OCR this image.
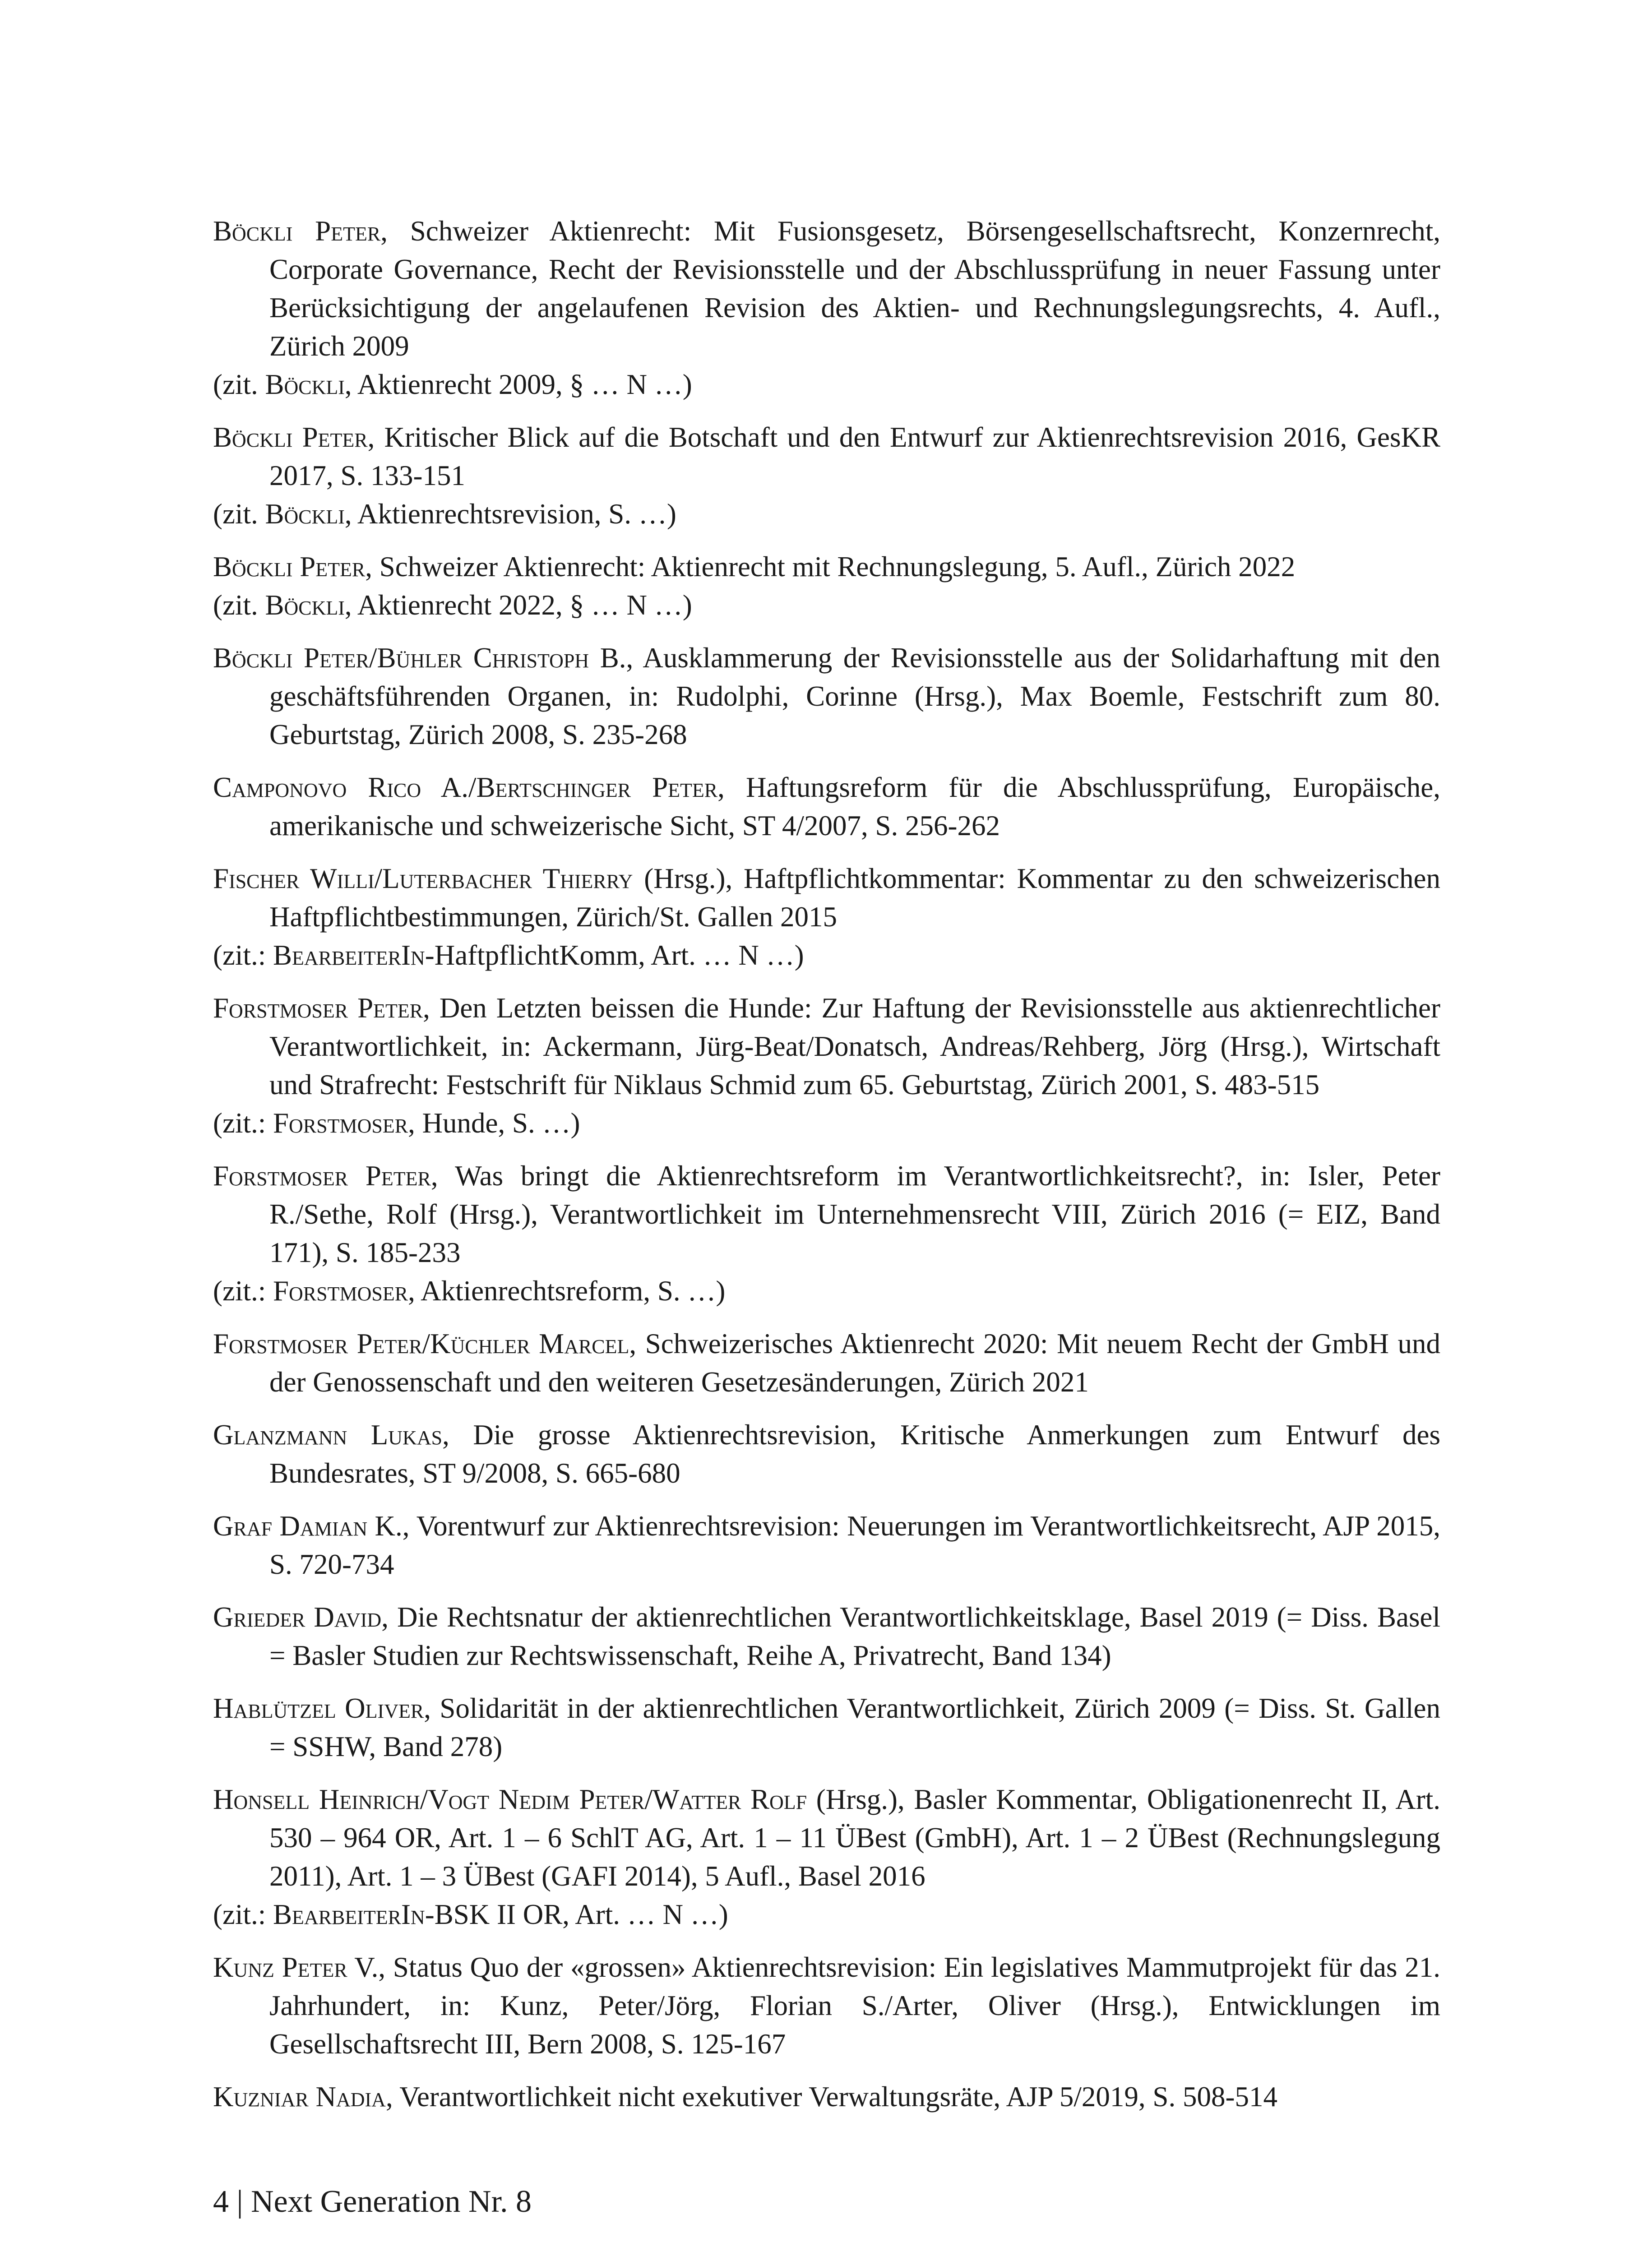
Böckli Peter, Schweizer Aktienrecht: Mit Fusionsgesetz, Börsengesellschaftsrecht, Konzernrecht, Corporate Governance, Recht der Revisionsstelle und der Abschlussprüfung in neuer Fassung unter Berücksichtigung der angelaufenen Revision des Aktien- und Rechnungslegungsrechts, 4. Aufl., Zürich 2009
(zit. Böckli, Aktienrecht 2009, § … N …)
Böckli Peter, Kritischer Blick auf die Botschaft und den Entwurf zur Aktienrechtsrevision 2016, GesKR 2017, S. 133-151
(zit. Böckli, Aktienrechtsrevision, S. …)
Böckli Peter, Schweizer Aktienrecht: Aktienrecht mit Rechnungslegung, 5. Aufl., Zürich 2022
(zit. Böckli, Aktienrecht 2022, § … N …)
Böckli Peter/Bühler Christoph B., Ausklammerung der Revisionsstelle aus der Solidarhaftung mit den geschäftsführenden Organen, in: Rudolphi, Corinne (Hrsg.), Max Boemle, Festschrift zum 80. Geburtstag, Zürich 2008, S. 235-268
Camponovo Rico A./Bertschinger Peter, Haftungsreform für die Abschlussprüfung, Europäische, amerikanische und schweizerische Sicht, ST 4/2007, S. 256-262
Fischer Willi/Luterbacher Thierry (Hrsg.), Haftpflichtkommentar: Kommentar zu den schweizerischen Haftpflichtbestimmungen, Zürich/St. Gallen 2015
(zit.: BearbeiterIn-HaftpflichtKomm, Art. … N …)
Forstmoser Peter, Den Letzten beissen die Hunde: Zur Haftung der Revisionsstelle aus aktienrechtlicher Verantwortlichkeit, in: Ackermann, Jürg-Beat/Donatsch, Andreas/Rehberg, Jörg (Hrsg.), Wirtschaft und Strafrecht: Festschrift für Niklaus Schmid zum 65. Geburtstag, Zürich 2001, S. 483-515
(zit.: Forstmoser, Hunde, S. …)
Forstmoser Peter, Was bringt die Aktienrechtsreform im Verantwortlichkeitsrecht?, in: Isler, Peter R./Sethe, Rolf (Hrsg.), Verantwortlichkeit im Unternehmensrecht VIII, Zürich 2016 (= EIZ, Band 171), S. 185-233
(zit.: Forstmoser, Aktienrechtsreform, S. …)
Forstmoser Peter/Küchler Marcel, Schweizerisches Aktienrecht 2020: Mit neuem Recht der GmbH und der Genossenschaft und den weiteren Gesetzesänderungen, Zürich 2021
Glanzmann Lukas, Die grosse Aktienrechtsrevision, Kritische Anmerkungen zum Entwurf des Bundesrates, ST 9/2008, S. 665-680
Graf Damian K., Vorentwurf zur Aktienrechtsrevision: Neuerungen im Verantwortlichkeitsrecht, AJP 2015, S. 720-734
Grieder David, Die Rechtsnatur der aktienrechtlichen Verantwortlichkeitsklage, Basel 2019 (= Diss. Basel = Basler Studien zur Rechtswissenschaft, Reihe A, Privatrecht, Band 134)
Hablützel Oliver, Solidarität in der aktienrechtlichen Verantwortlichkeit, Zürich 2009 (= Diss. St. Gallen = SSHW, Band 278)
Honsell Heinrich/Vogt Nedim Peter/Watter Rolf (Hrsg.), Basler Kommentar, Obligationenrecht II, Art. 530 – 964 OR, Art. 1 – 6 SchlT AG, Art. 1 – 11 ÜBest (GmbH), Art. 1 – 2 ÜBest (Rechnungslegung 2011), Art. 1 – 3 ÜBest (GAFI 2014), 5 Aufl., Basel 2016
(zit.: BearbeiterIn-BSK II OR, Art. … N …)
Kunz Peter V., Status Quo der «grossen» Aktienrechtsrevision: Ein legislatives Mammutprojekt für das 21. Jahrhundert, in: Kunz, Peter/Jörg, Florian S./Arter, Oliver (Hrsg.), Entwicklungen im Gesellschaftsrecht III, Bern 2008, S. 125-167
Kuzniar Nadia, Verantwortlichkeit nicht exekutiver Verwaltungsräte, AJP 5/2019, S. 508-514
4 | Next Generation Nr. 8
